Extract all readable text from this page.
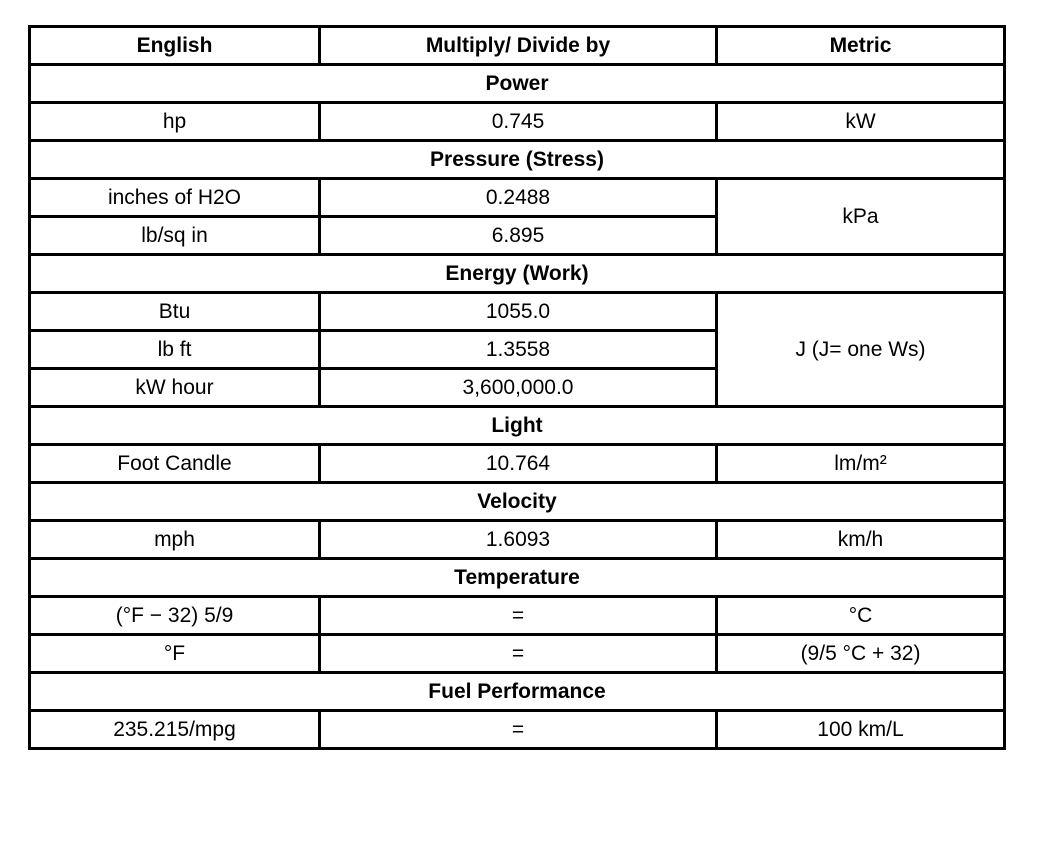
English	Multiply/ Divide by	Metric
Power		
hp	0.745	kW
Pressure (Stress)		
inches of H2O	0.2488	kPa
lb/sq in	6.895	
Energy (Work)		
Btu	1055.0	J (J= one Ws)
lb ft	1.3558	
kW hour	3,600,000.0	
Light		
Foot Candle	10.764	lm/m²
Velocity		
mph	1.6093	km/h
Temperature		
(°F − 32) 5/9	=	°C
°F	=	(9/5 °C + 32)
Fuel Performance		
235.215/mpg	=	100 km/L
